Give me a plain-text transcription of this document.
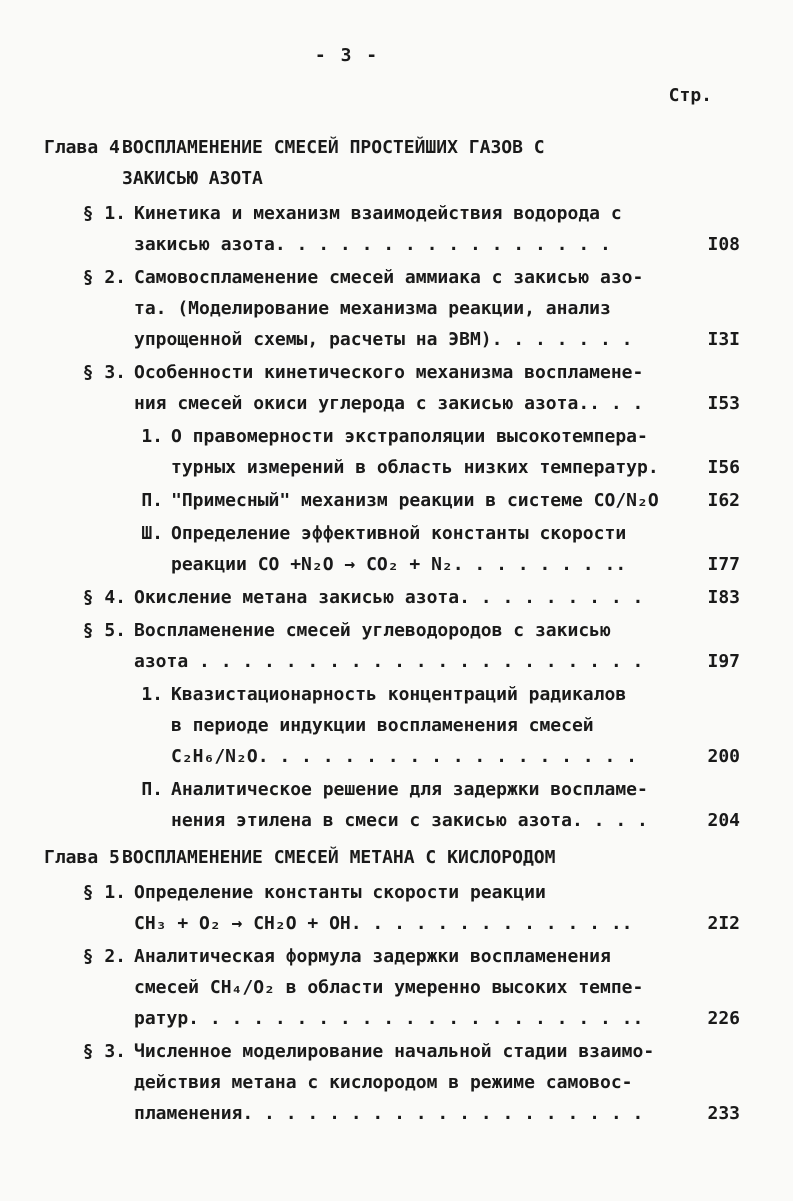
- 3 -
Стр.
Глава 4.
ВОСПЛАМЕНЕНИЕ СМЕСЕЙ ПРОСТЕЙШИХ ГАЗОВ С
ЗАКИСЬЮ АЗОТА
§ 1. Кинетика и механизм взаимодействия водорода с
закисью азота. . . . . . . . . . . . . . . .	I08
§ 2. Самовоспламенение смесей аммиака с закисью азо-
та. (Моделирование механизма реакции, анализ
упрощенной схемы, расчеты на ЭВМ). . . . . . .	I3I
§ 3. Особенности кинетического механизма воспламене-
ния смесей окиси углерода с закисью азота.. . .	I53
1. О правомерности экстраполяции высокотемпера-
турных измерений в область низких температур.	I56
П. "Примесный" механизм реакции в системе CO/N₂O	I62
Ш. Определение эффективной константы скорости
реакции CO +N₂O → CO₂ + N₂. . . . . . . ..	I77
§ 4. Окисление метана закисью азота. . . . . . . . .	I83
§ 5. Воспламенение смесей углеводородов с закисью
азота . . . . . . . . . . . . . . . . . . . . .	I97
1. Квазистационарность концентраций радикалов
в периоде индукции воспламенения смесей
C₂H₆/N₂O. . . . . . . . . . . . . . . . . .	200
П. Аналитическое решение для задержки воспламе-
нения этилена в смеси с закисью азота. . . .	204
Глава 5.
ВОСПЛАМЕНЕНИЕ СМЕСЕЙ МЕТАНА С КИСЛОРОДОМ
§ 1. Определение константы скорости реакции
CH₃ + O₂ → CH₂O + OH. . . . . . . . . . . . ..	2I2
§ 2. Аналитическая формула задержки воспламенения
смесей CH₄/O₂ в области умеренно высоких темпе-
ратур. . . . . . . . . . . . . . . . . . . . ..	226
§ 3. Численное моделирование начальной стадии взаимо-
действия метана с кислородом в режиме самовос-
пламенения. . . . . . . . . . . . . . . . . . .	233
